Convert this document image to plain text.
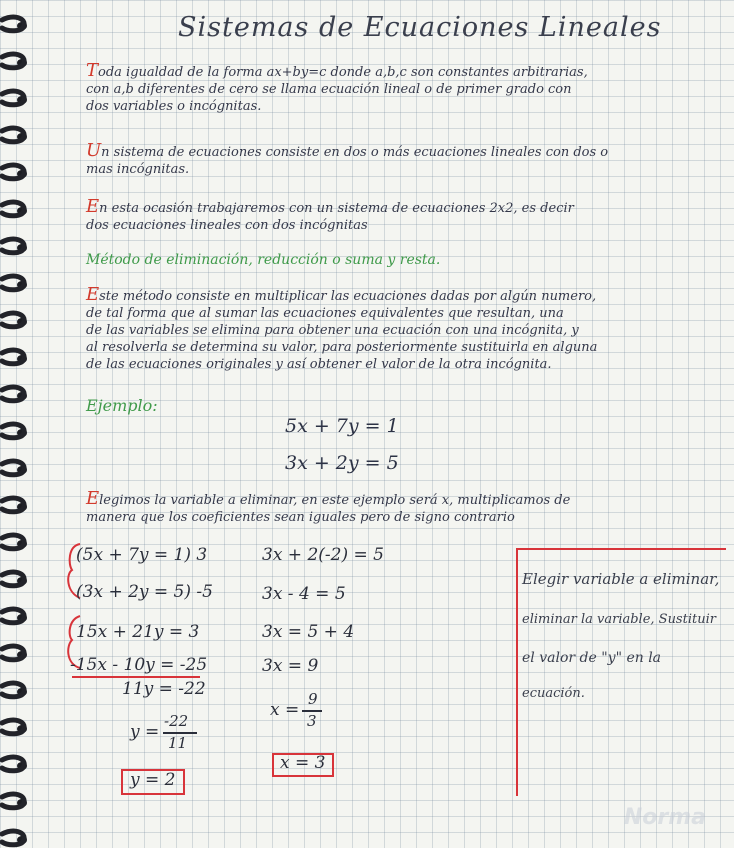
Sistemas de Ecuaciones Lineales
Toda igualdad de la forma ax+by=c donde a,b,c son constantes arbitrarias,
con a,b diferentes de cero se llama ecuación lineal o de primer grado con
dos variables o incógnitas.
Un sistema de ecuaciones consiste en dos o más ecuaciones lineales con dos o
mas incógnitas.
En esta ocasión trabajaremos con un sistema de ecuaciones 2x2, es decir
dos ecuaciones lineales con dos incógnitas
Método de eliminación, reducción o suma y resta.
Este método consiste en multiplicar las ecuaciones dadas por algún numero,
de tal forma que al sumar las ecuaciones equivalentes que resultan, una
de las variables se elimina para obtener una ecuación con una incógnita, y
al resolverla se determina su valor, para posteriormente sustituirla en alguna
de las ecuaciones originales y así obtener el valor de la otra incógnita.
Ejemplo:
5x + 7y = 1
3x + 2y = 5
Elegimos la variable a eliminar, en este ejemplo será x, multiplicamos de
manera que los coeficientes sean iguales pero de signo contrario
(5x + 7y = 1) 3
(3x + 2y = 5) -5
15x + 21y = 3
-15x - 10y = -25
11y = -22
y =
-22
11
y = 2
3x + 2(-2) = 5
3x - 4 = 5
3x = 5 + 4
3x = 9
x =
9
3
x = 3
Elegir variable a eliminar,
eliminar la variable, Sustituir
el valor de "y" en la
ecuación.
Norma
